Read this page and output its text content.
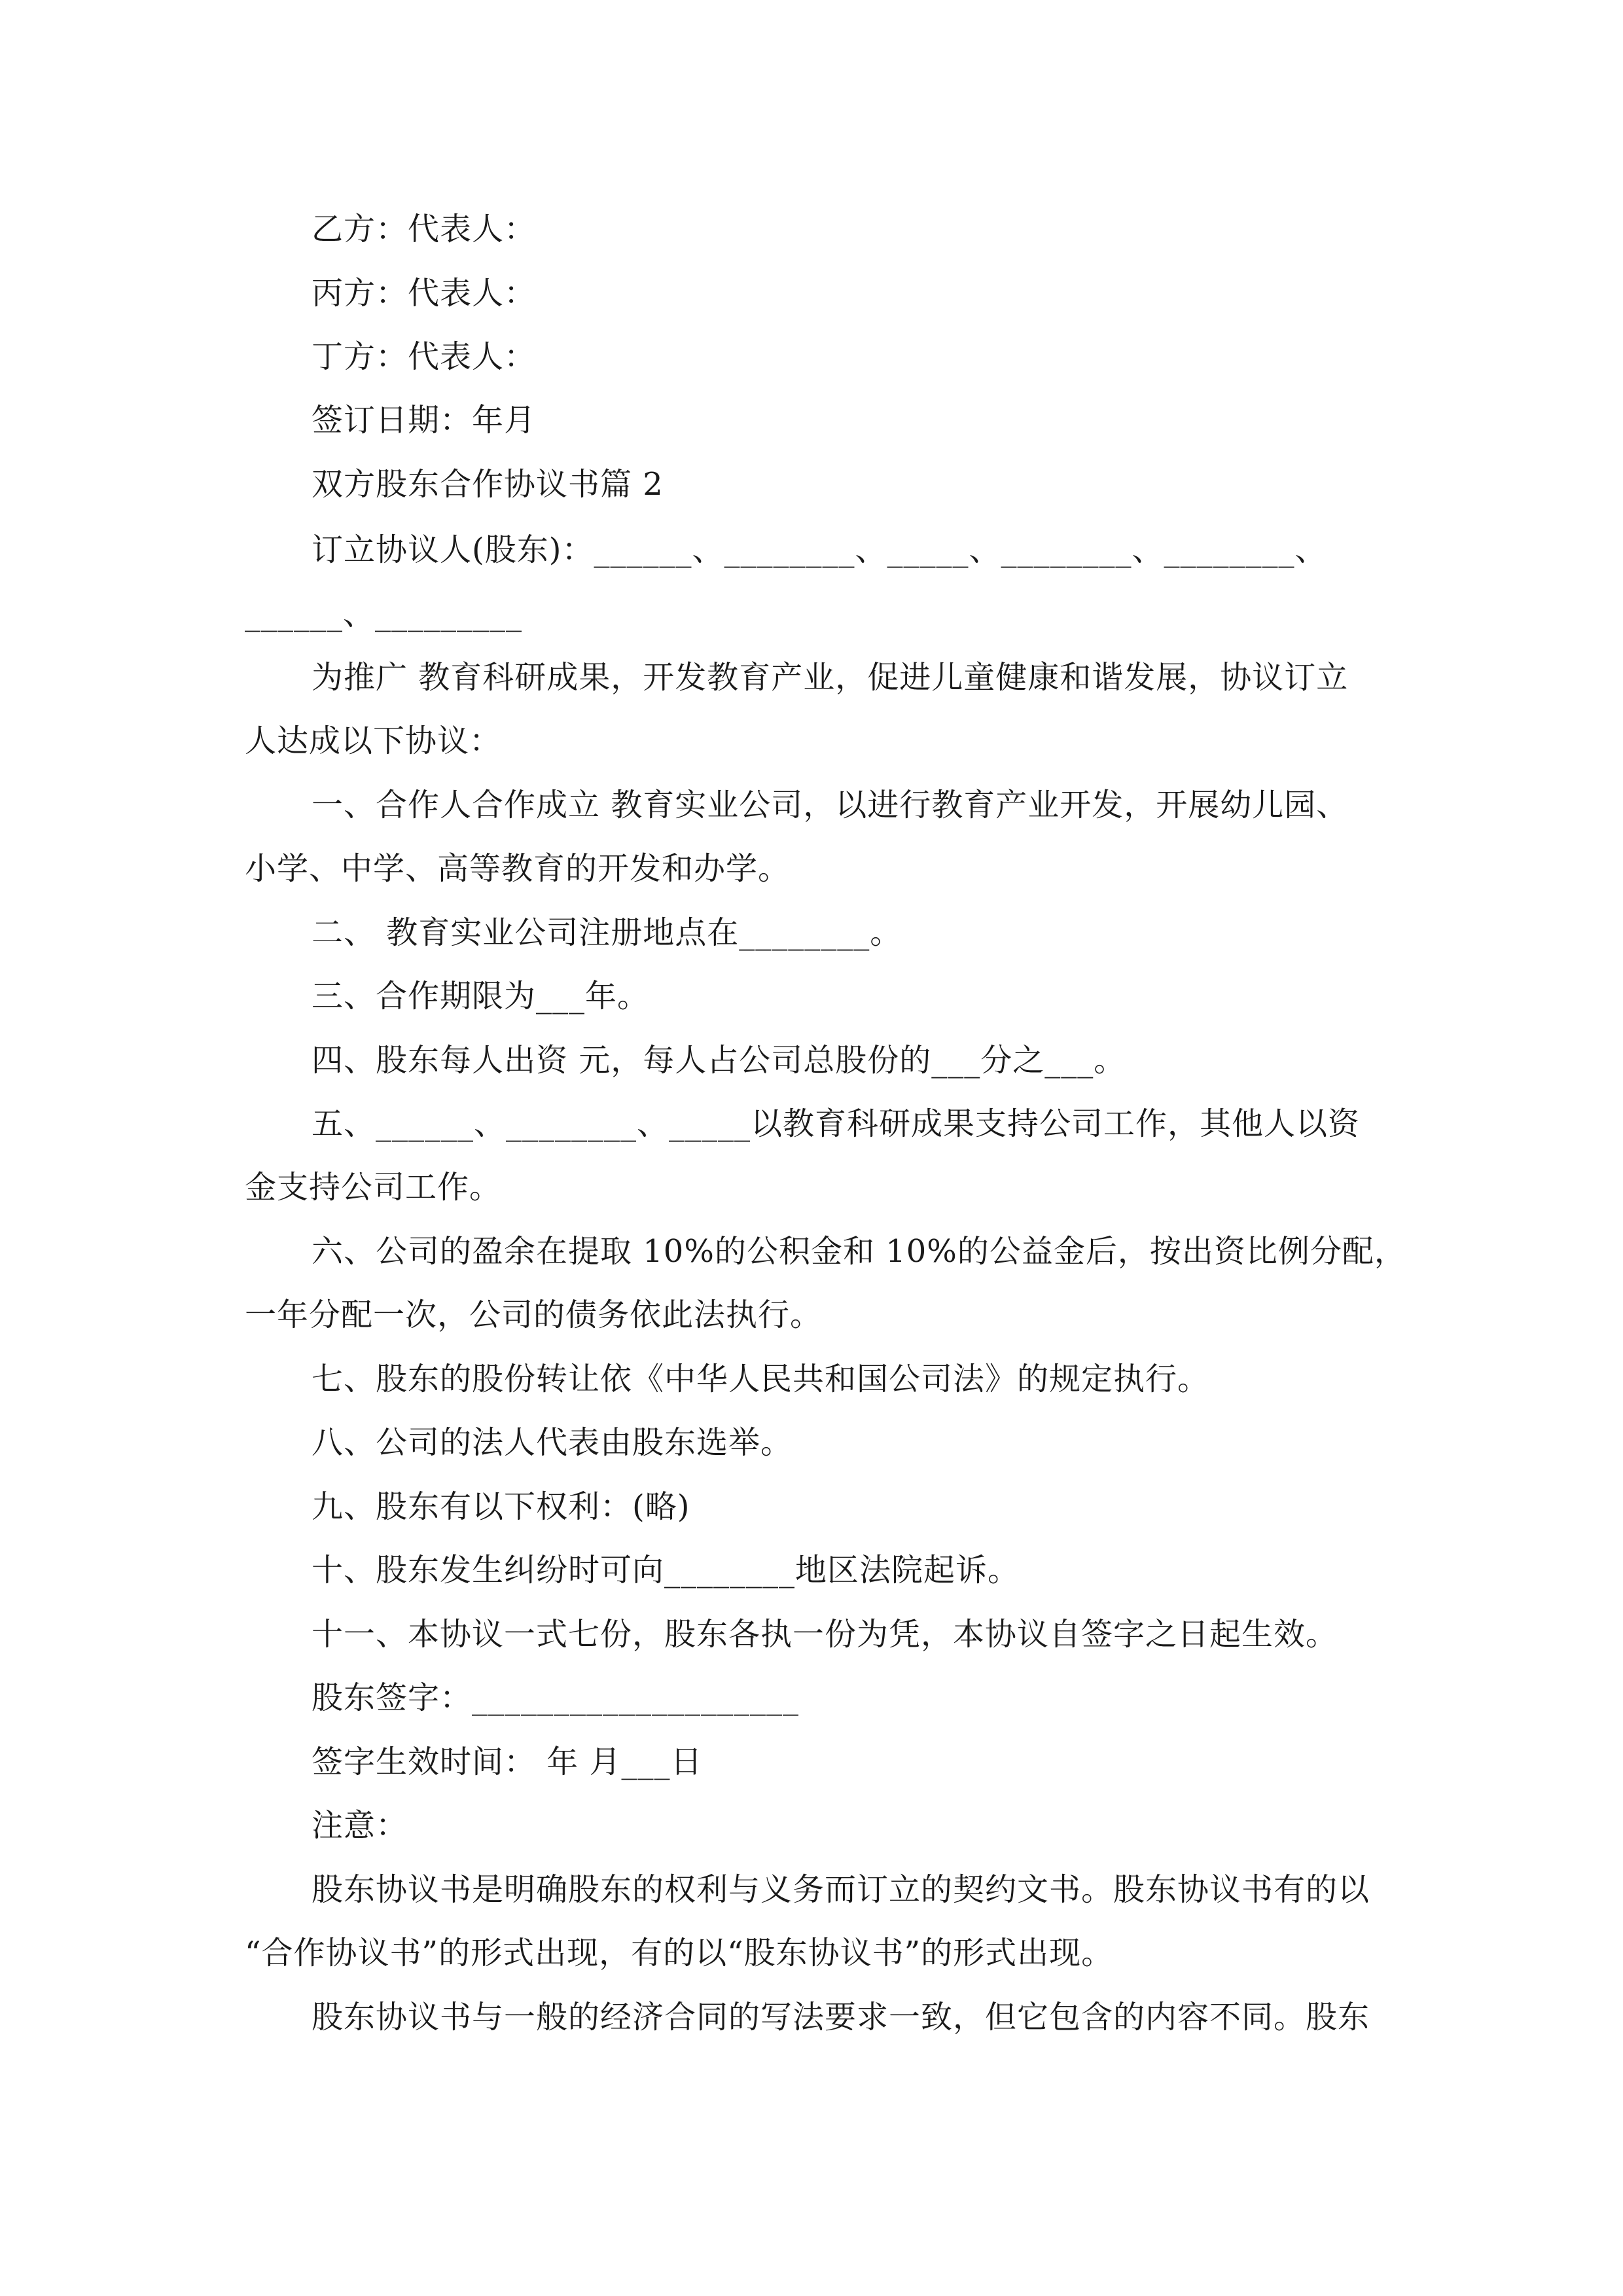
乙方：代表人：
丙方：代表人：
丁方：代表人：
签订日期：年月
双方股东合作协议书篇 2
订立协议人(股东)：______、________、_____、________、________、
______、_________
为推广 教育科研成果，开发教育产业，促进儿童健康和谐发展，协议订立
人达成以下协议：
一、合作人合作成立 教育实业公司，以进行教育产业开发，开展幼儿园、
小学、中学、高等教育的开发和办学。
二、 教育实业公司注册地点在________。
三、合作期限为___年。
四、股东每人出资 元，每人占公司总股份的___分之___。
五、______、________、_____以教育科研成果支持公司工作，其他人以资
金支持公司工作。
六、公司的盈余在提取 10%的公积金和 10%的公益金后，按出资比例分配，
一年分配一次，公司的债务依此法执行。
七、股东的股份转让依《中华人民共和国公司法》的规定执行。
八、公司的法人代表由股东选举。
九、股东有以下权利：(略)
十、股东发生纠纷时可向________地区法院起诉。
十一、本协议一式七份，股东各执一份为凭，本协议自签字之日起生效。
股东签字：____________________
签字生效时间： 年 月___日
注意：
股东协议书是明确股东的权利与义务而订立的契约文书。股东协议书有的以
“合作协议书”的形式出现，有的以“股东协议书”的形式出现。
股东协议书与一般的经济合同的写法要求一致，但它包含的内容不同。股东
